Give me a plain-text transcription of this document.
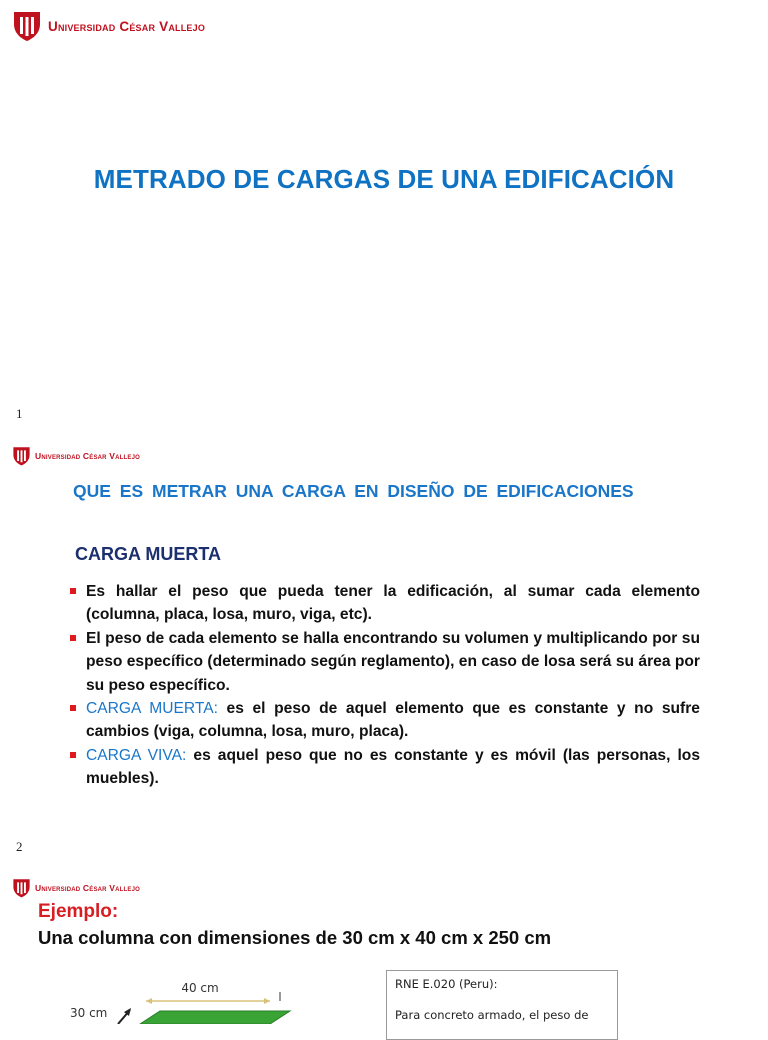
Universidad César Vallejo
METRADO DE CARGAS DE UNA EDIFICACIÓN
1
Universidad César Vallejo
QUE ES METRAR UNA CARGA EN DISEÑO DE EDIFICACIONES
CARGA MUERTA
Es hallar el peso que pueda tener la edificación, al sumar cada elemento (columna, placa, losa, muro, viga, etc).
El peso de cada elemento se halla encontrando su volumen y multiplicando por su peso específico (determinado según reglamento), en caso de losa será su área por su peso específico.
CARGA MUERTA: es el peso de aquel elemento que es constante y no sufre cambios (viga, columna, losa, muro, placa).
CARGA VIVA: es aquel peso que no es constante y es móvil (las personas, los muebles).
2
Universidad César Vallejo
Ejemplo:
Una columna con dimensiones de 30 cm x 40 cm x 250 cm
40 cm
30 cm
RNE E.020 (Peru):
Para concreto armado, el peso de
